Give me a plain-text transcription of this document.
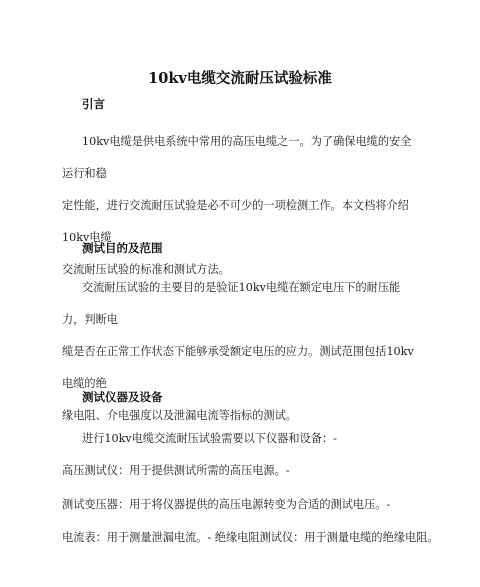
10kv电缆交流耐压试验标准
引言
10kv电缆是供电系统中常用的高压电缆之一。为了确保电缆的安全运行和稳
定性能，进行交流耐压试验是必不可少的一项检测工作。本文档将介绍10kv电缆
交流耐压试验的标准和测试方法。
测试目的及范围
交流耐压试验的主要目的是验证10kv电缆在额定电压下的耐压能力，判断电
缆是否在正常工作状态下能够承受额定电压的应力。测试范围包括10kv电缆的绝
缘电阻、介电强度以及泄漏电流等指标的测试。
测试仪器及设备
进行10kv电缆交流耐压试验需要以下仪器和设备：-
高压测试仪：用于提供测试所需的高压电源。-
测试变压器：用于将仪器提供的高压电源转变为合适的测试电压。-
电流表：用于测量泄漏电流。- 绝缘电阻测试仪：用于测量电缆的绝缘电阻。
